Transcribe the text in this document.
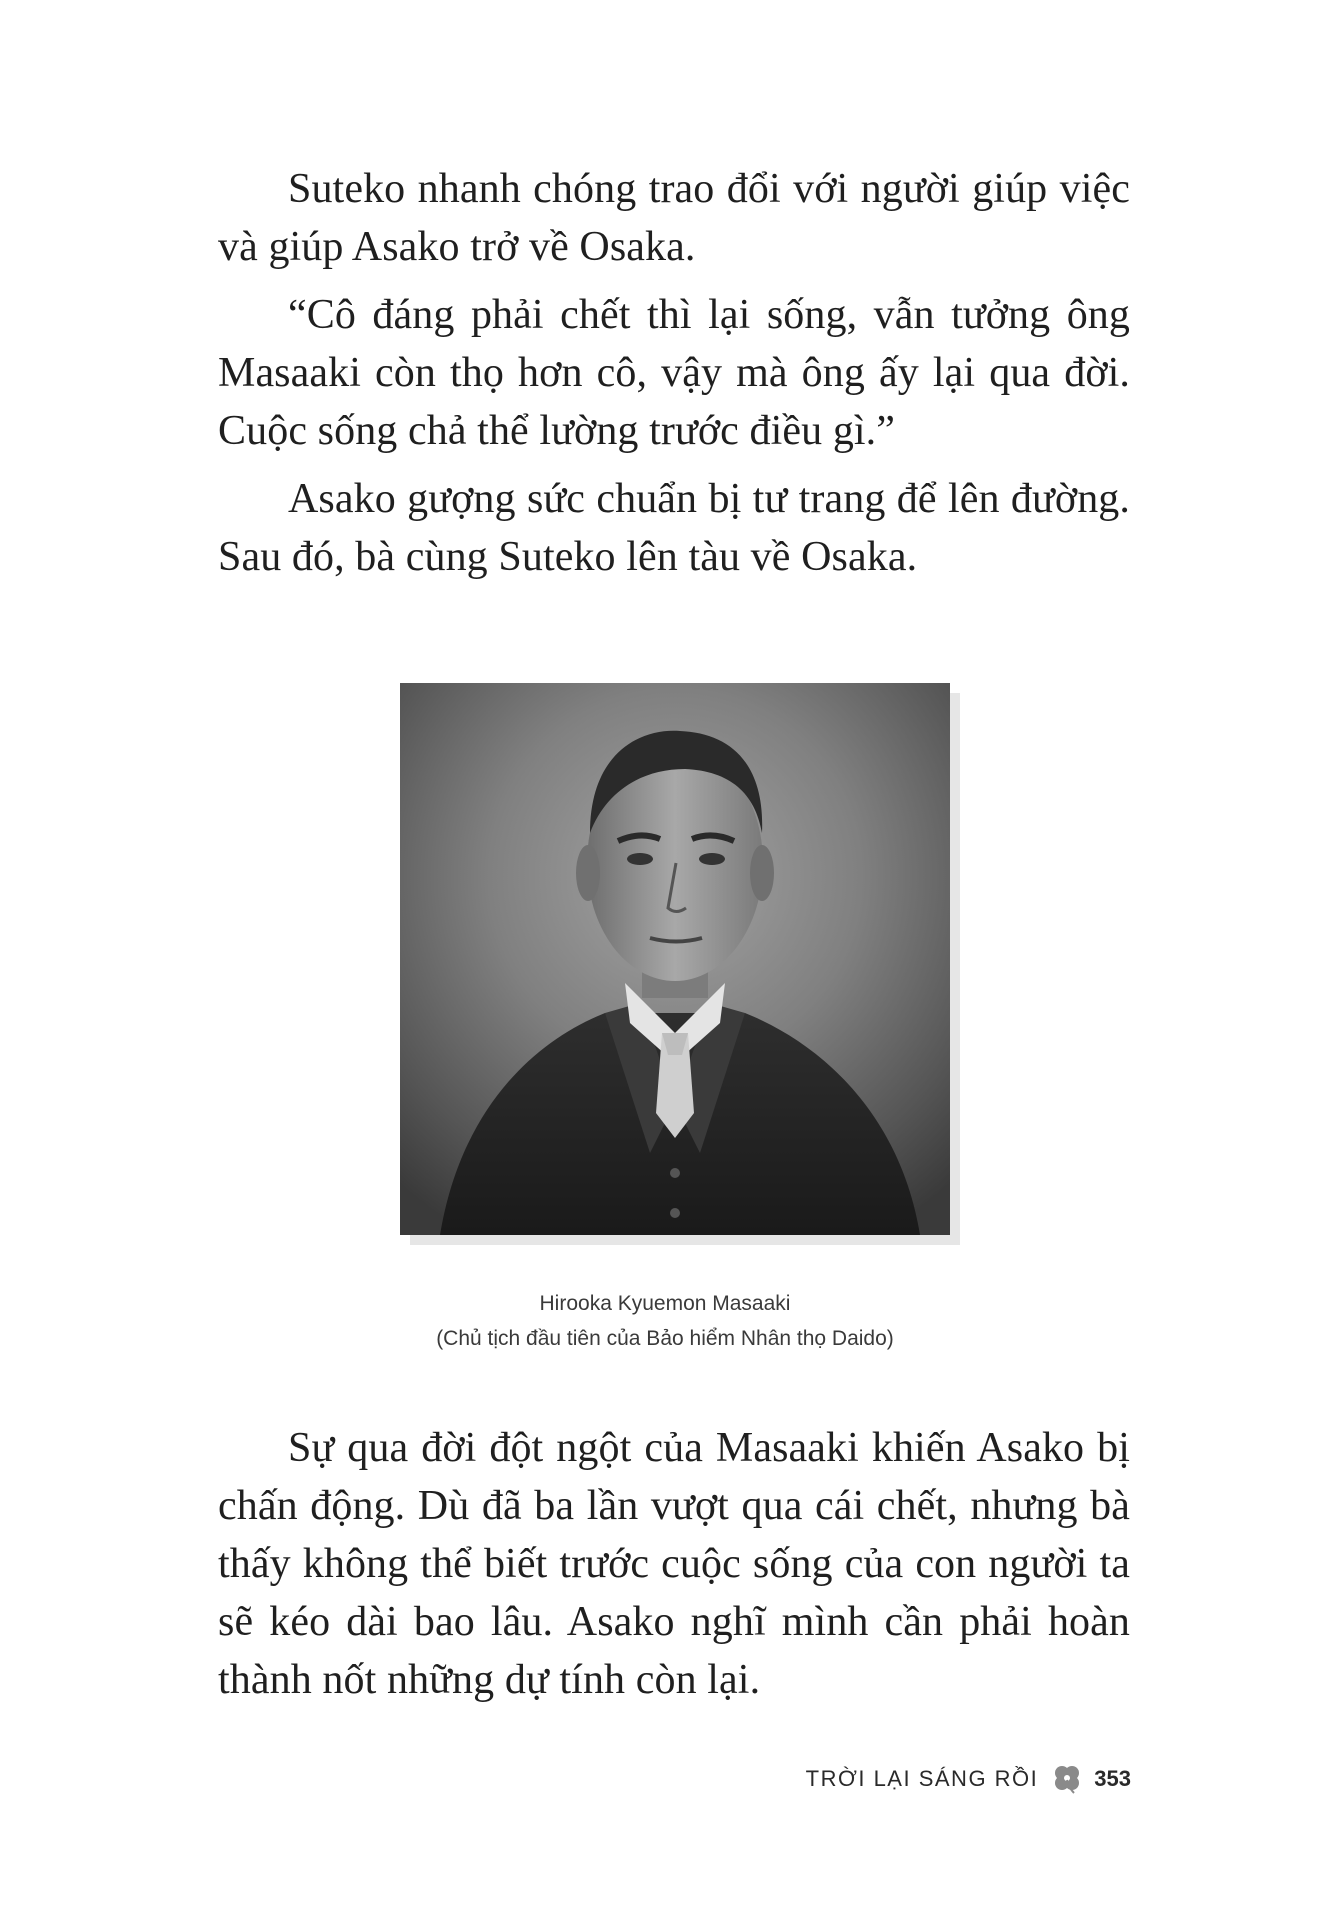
Suteko nhanh chóng trao đổi với người giúp việc và giúp Asako trở về Osaka.

“Cô đáng phải chết thì lại sống, vẫn tưởng ông Masaaki còn thọ hơn cô, vậy mà ông ấy lại qua đời. Cuộc sống chả thể lường trước điều gì.”

Asako gượng sức chuẩn bị tư trang để lên đường. Sau đó, bà cùng Suteko lên tàu về Osaka.

Hirooka Kyuemon Masaaki
(Chủ tịch đầu tiên của Bảo hiểm Nhân thọ Daido)

Sự qua đời đột ngột của Masaaki khiến Asako bị chấn động. Dù đã ba lần vượt qua cái chết, nhưng bà thấy không thể biết trước cuộc sống của con người ta sẽ kéo dài bao lâu. Asako nghĩ mình cần phải hoàn thành nốt những dự tính còn lại.

TRỜI LẠI SÁNG RỒI	353
